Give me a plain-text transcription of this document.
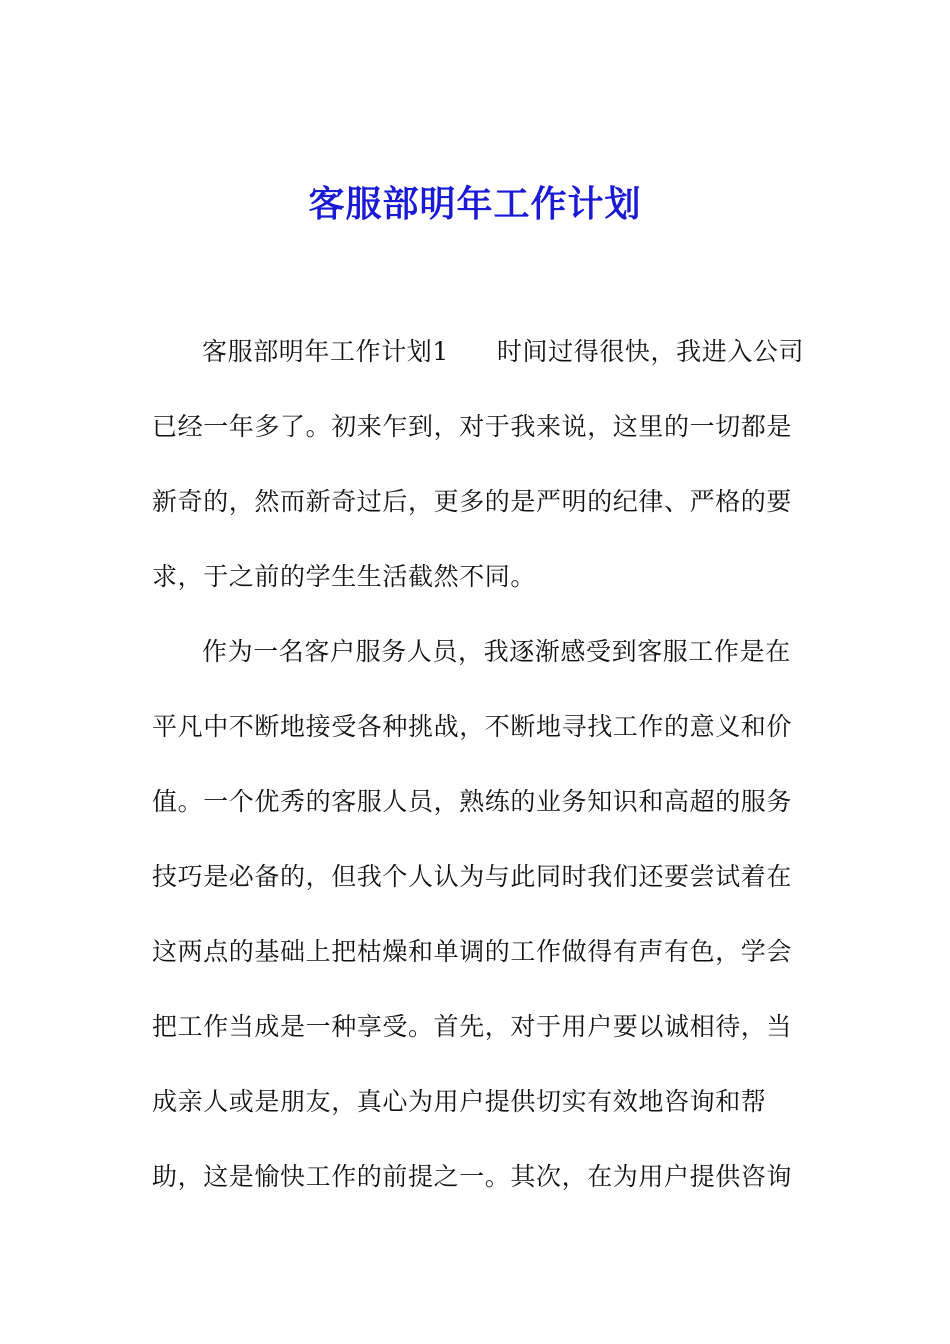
客服部明年工作计划
客服部明年工作计划1 时间过得很快，我进入公司
已经一年多了。初来乍到，对于我来说，这里的一切都是
新奇的，然而新奇过后，更多的是严明的纪律、严格的要
求，于之前的学生生活截然不同。
作为一名客户服务人员，我逐渐感受到客服工作是在
平凡中不断地接受各种挑战，不断地寻找工作的意义和价
值。一个优秀的客服人员，熟练的业务知识和高超的服务
技巧是必备的，但我个人认为与此同时我们还要尝试着在
这两点的基础上把枯燥和单调的工作做得有声有色，学会
把工作当成是一种享受。首先，对于用户要以诚相待，当
成亲人或是朋友，真心为用户提供切实有效地咨询和帮
助，这是愉快工作的前提之一。其次，在为用户提供咨询
